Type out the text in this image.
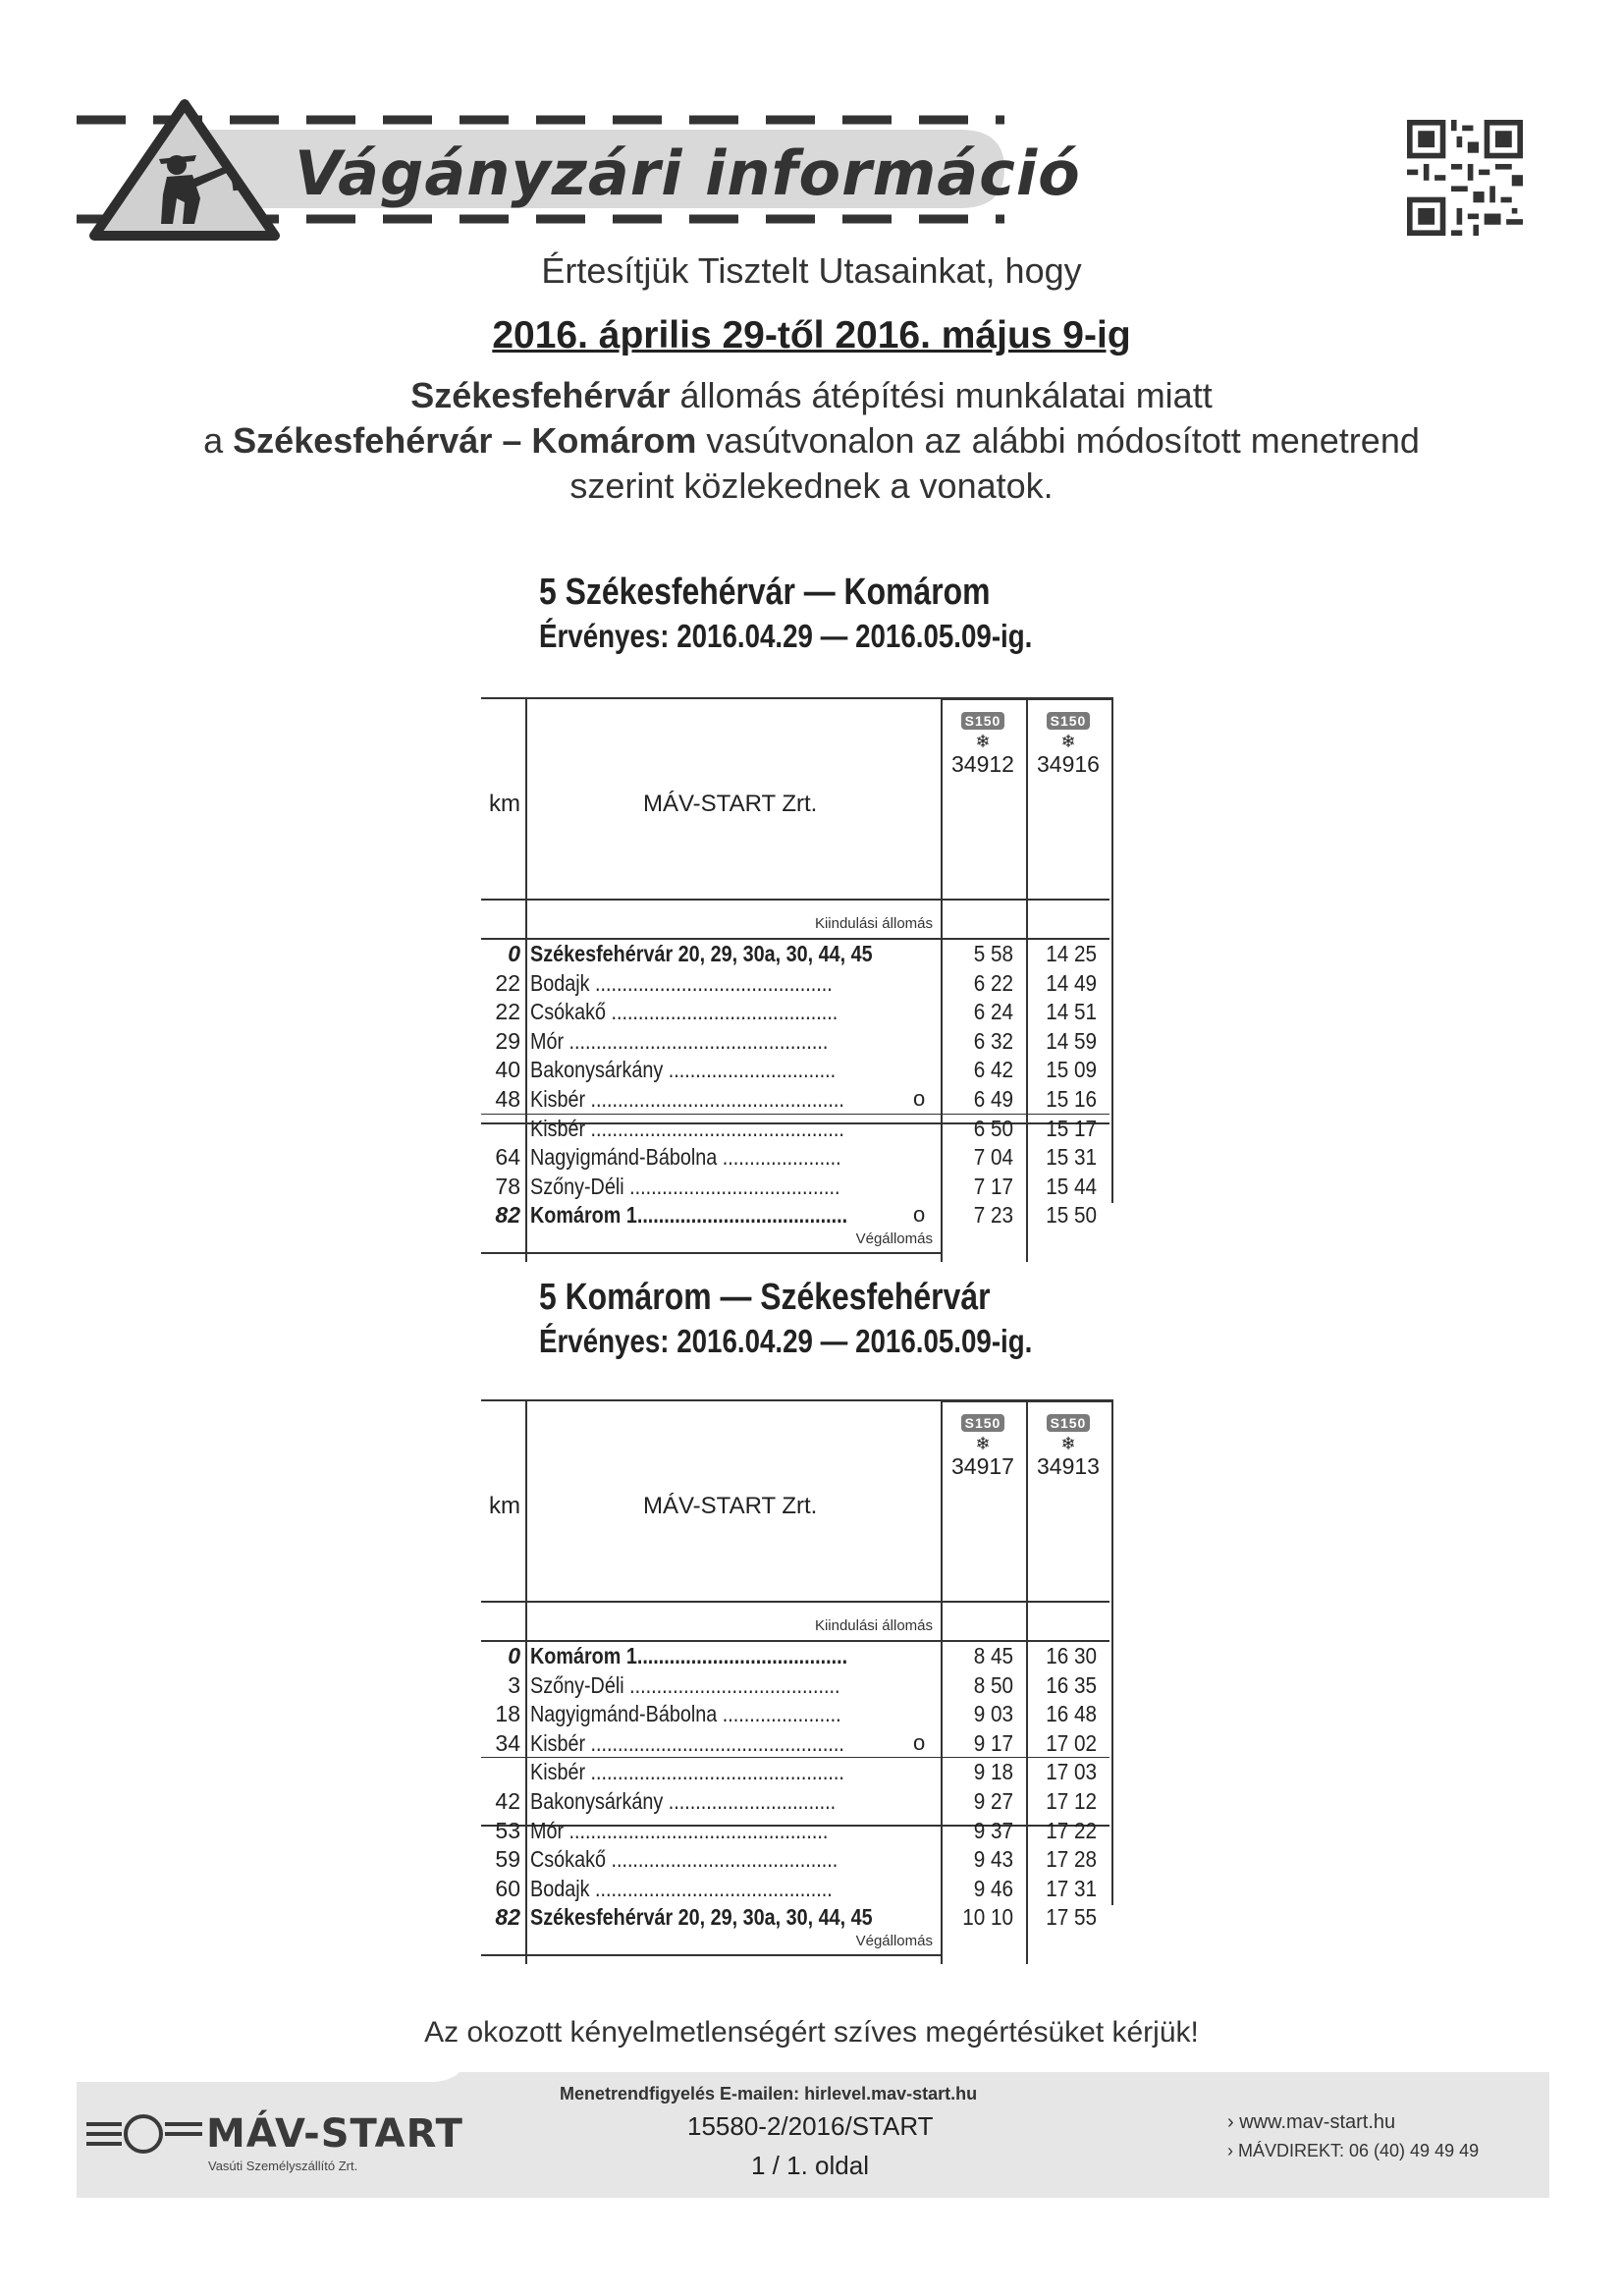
Vágányzári információ
Értesítjük Tisztelt Utasainkat, hogy
2016. április 29-től 2016. május 9-ig
Székesfehérvár állomás átépítési munkálatai miatt
a Székesfehérvár – Komárom vasútvonalon az alábbi módosított menetrend
szerint közlekednek a vonatok.
5 Székesfehérvár — Komárom
Érvényes: 2016.04.29 — 2016.05.09-ig.
km	MÁV-START Zrt.
S150
❄
34912
S150
❄
34916
Kiindulási állomás
Végállomás
0 Székesfehérvár 20, 29, 30a, 30, 44, 45	5 58	14 25
22 Bodajk ............................................	6 22	14 49
22 Csókakő ..........................................	6 24	14 51
29 Mór ................................................	6 32	14 59
40 Bakonysárkány ...............................	6 42	15 09
48 Kisbér ...............................................	o	6 49	15 16
Kisbér ...............................................	6 50	15 17
64 Nagyigmánd-Bábolna ......................	7 04	15 31
78 Szőny-Déli .......................................	7 17	15 44
82 Komárom 1.......................................	o	7 23	15 50
5 Komárom — Székesfehérvár
Érvényes: 2016.04.29 — 2016.05.09-ig.
km	MÁV-START Zrt.
S150
❄
34917
S150
❄
34913
Kiindulási állomás
Végállomás
0 Komárom 1.......................................	8 45	16 30
3 Szőny-Déli .......................................	8 50	16 35
18 Nagyigmánd-Bábolna ......................	9 03	16 48
34 Kisbér ...............................................	o	9 17	17 02
Kisbér ...............................................	9 18	17 03
42 Bakonysárkány ...............................	9 27	17 12
53 Mór ................................................	9 37	17 22
59 Csókakő ..........................................	9 43	17 28
60 Bodajk ............................................	9 46	17 31
82 Székesfehérvár 20, 29, 30a, 30, 44, 45	10 10	17 55
Az okozott kényelmetlenségért szíves megértésüket kérjük!
Menetrendfigyelés E-mailen: hirlevel.mav-start.hu
MÁV-START
Vasúti Személyszállító Zrt.
15580-2/2016/START
1 / 1. oldal
› www.mav-start.hu
› MÁVDIREKT: 06 (40) 49 49 49
